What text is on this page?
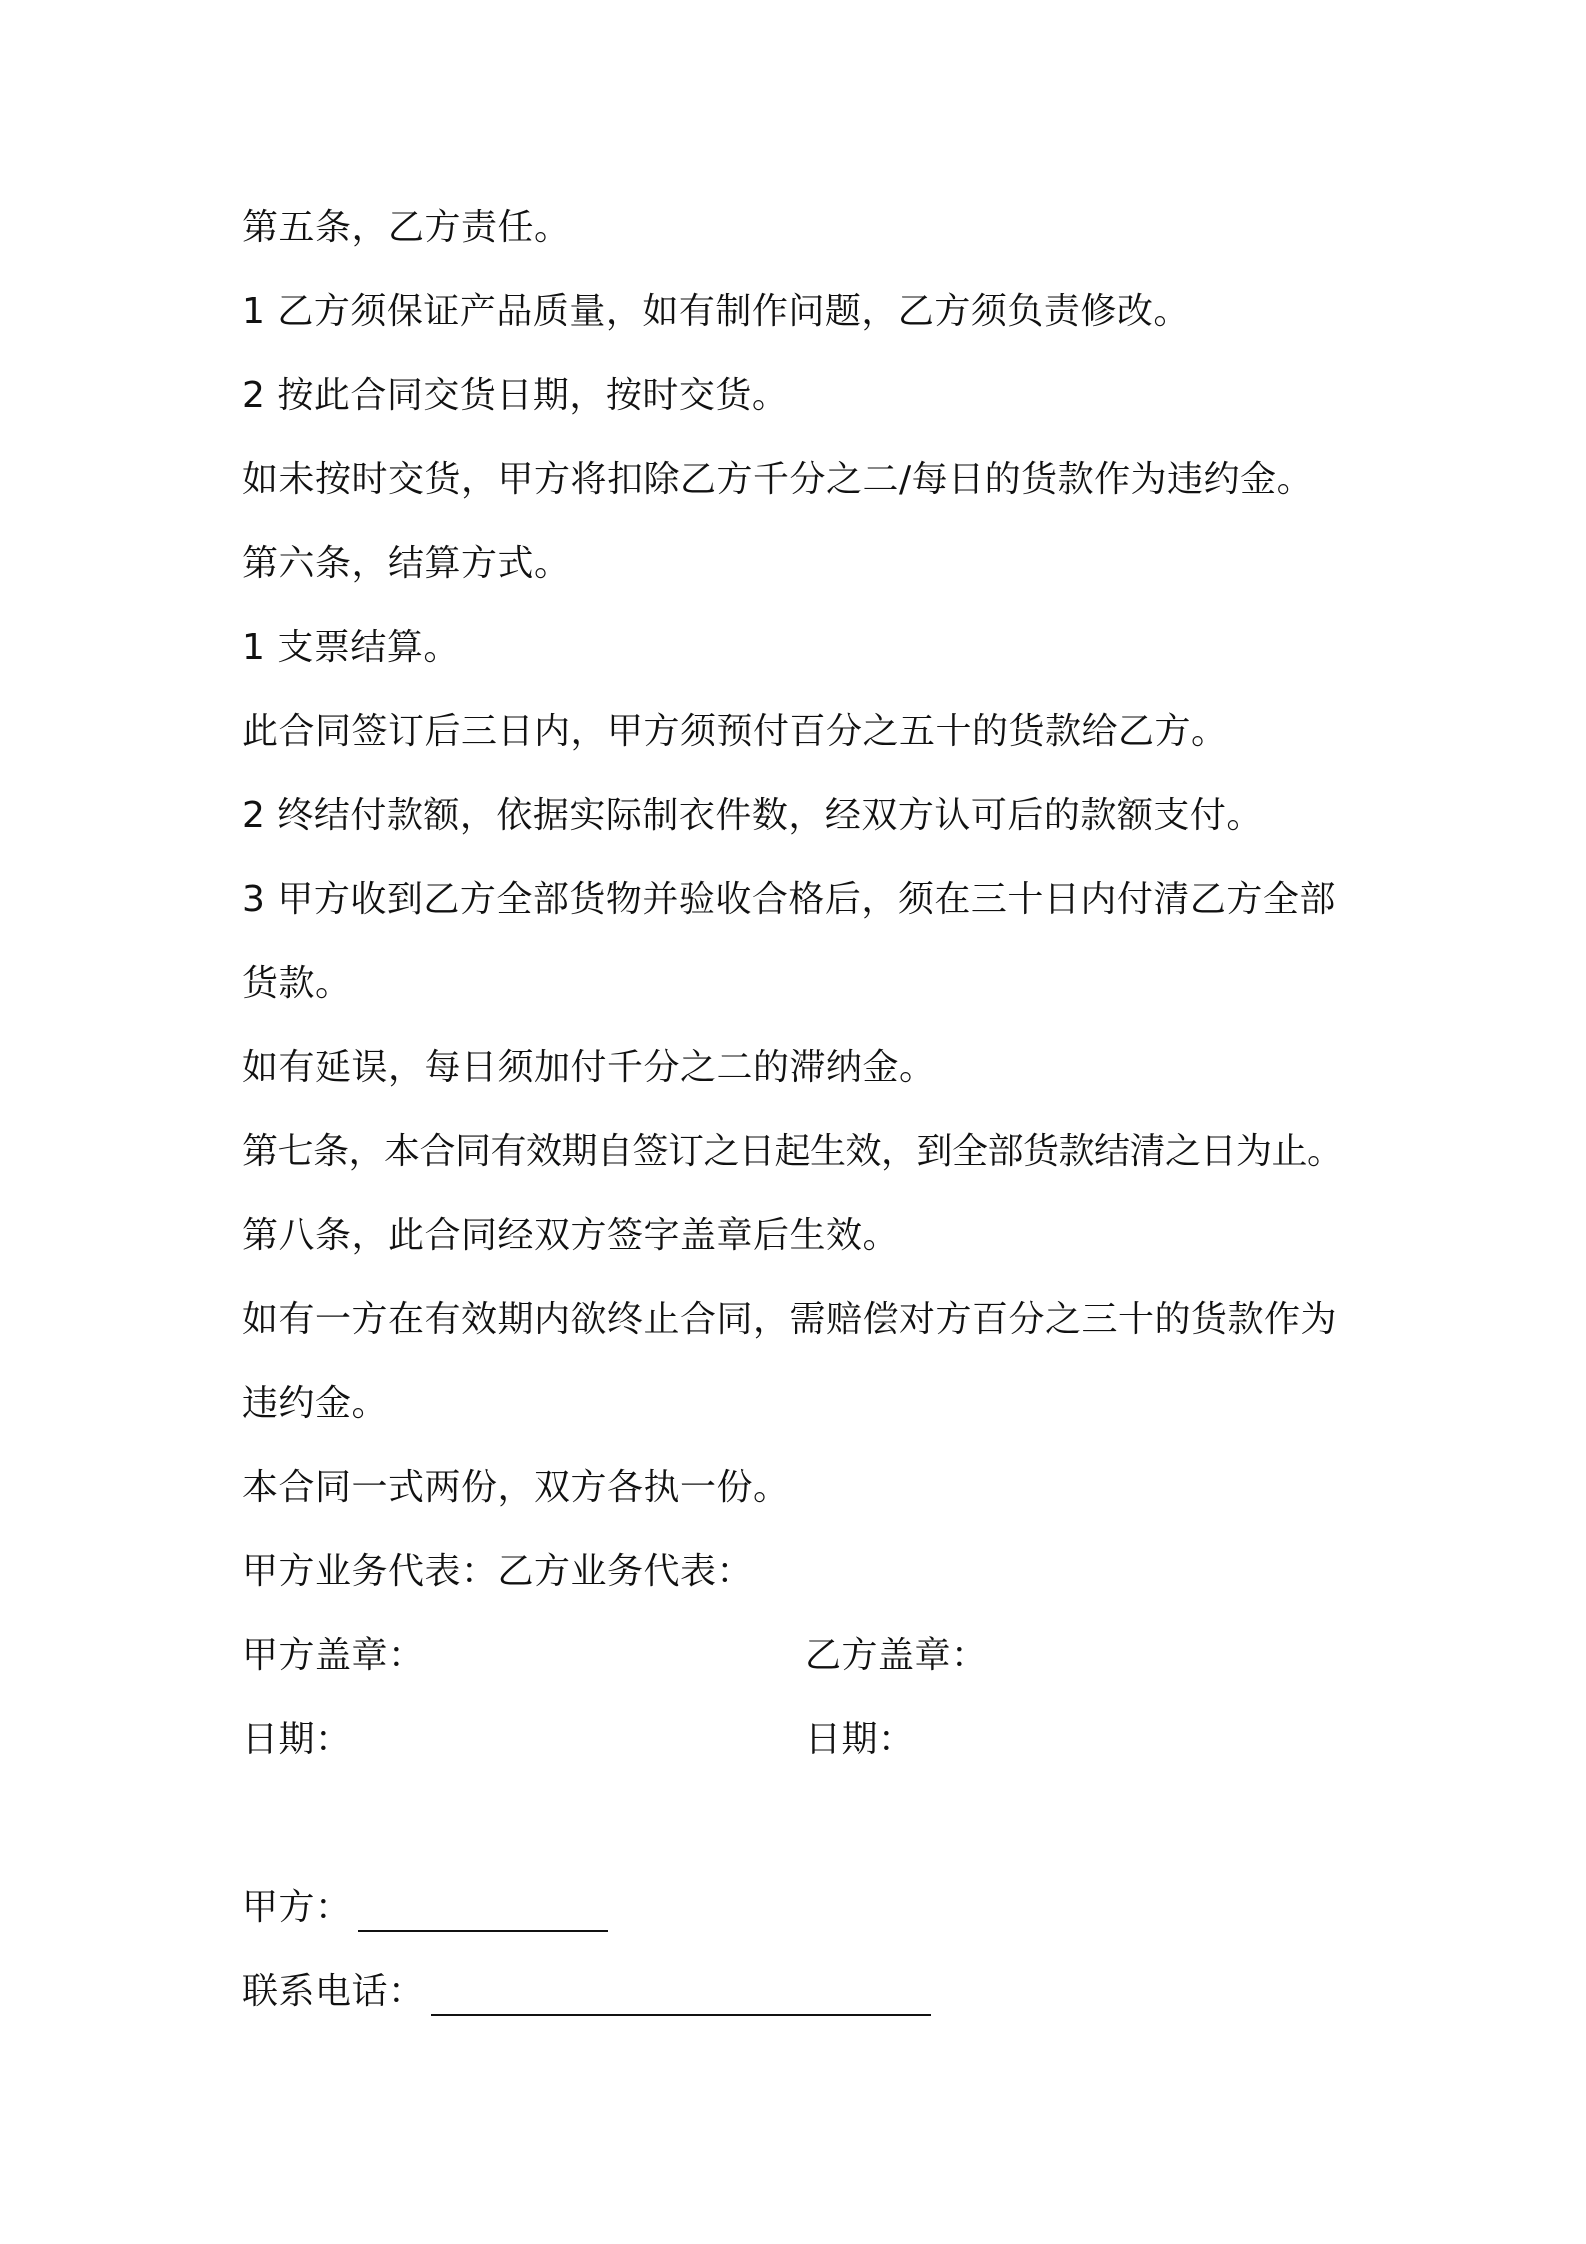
第五条，乙方责任。
1 乙方须保证产品质量，如有制作问题，乙方须负责修改。
2 按此合同交货日期，按时交货。
如未按时交货，甲方将扣除乙方千分之二/每日的货款作为违约金。
第六条，结算方式。
1 支票结算。
此合同签订后三日内，甲方须预付百分之五十的货款给乙方。
2 终结付款额，依据实际制衣件数，经双方认可后的款额支付。
3 甲方收到乙方全部货物并验收合格后，须在三十日内付清乙方全部
货款。
如有延误，每日须加付千分之二的滞纳金。
第七条，本合同有效期自签订之日起生效，到全部货款结清之日为止。
第八条，此合同经双方签字盖章后生效。
如有一方在有效期内欲终止合同，需赔偿对方百分之三十的货款作为
违约金。
本合同一式两份，双方各执一份。
甲方业务代表：乙方业务代表：
甲方盖章：	乙方盖章：
日期：	日期：
甲方：
联系电话：
